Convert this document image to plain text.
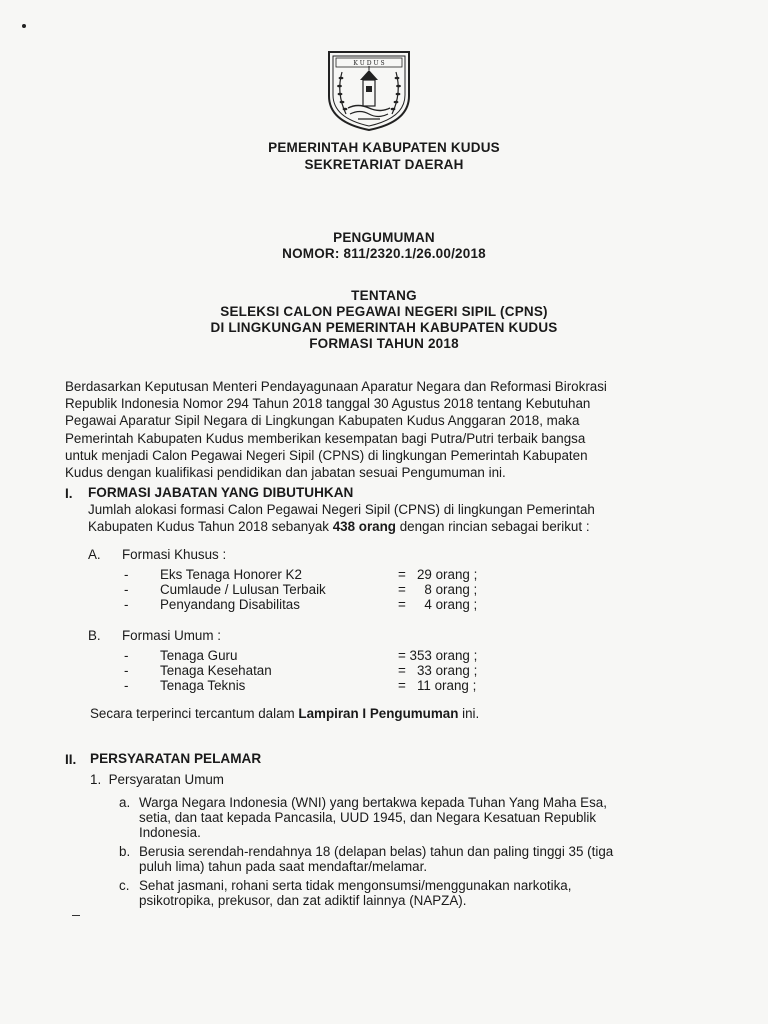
K U D U S
PEMERINTAH KABUPATEN KUDUS
SEKRETARIAT DAERAH
PENGUMUMAN
NOMOR: 811/2320.1/26.00/2018
TENTANG
SELEKSI CALON PEGAWAI NEGERI SIPIL (CPNS)
DI LINGKUNGAN PEMERINTAH KABUPATEN KUDUS
FORMASI TAHUN 2018
Berdasarkan Keputusan Menteri Pendayagunaan Aparatur Negara dan Reformasi Birokrasi
Republik Indonesia Nomor 294 Tahun 2018 tanggal 30 Agustus 2018 tentang Kebutuhan
Pegawai Aparatur Sipil Negara di Lingkungan Kabupaten Kudus Anggaran 2018, maka
Pemerintah Kabupaten Kudus memberikan kesempatan bagi Putra/Putri terbaik bangsa
untuk menjadi Calon Pegawai Negeri Sipil (CPNS) di lingkungan Pemerintah Kabupaten
Kudus dengan kualifikasi pendidikan dan jabatan sesuai Pengumuman ini.
I. FORMASI JABATAN YANG DIBUTUHKAN
Jumlah alokasi formasi Calon Pegawai Negeri Sipil (CPNS) di lingkungan Pemerintah
Kabupaten Kudus Tahun 2018 sebanyak 438 orang dengan rincian sebagai berikut :
A. Formasi Khusus :
- Eks Tenaga Honorer K2	=   29 orang ;
- Cumlaude / Lulusan Terbaik	=     8 orang ;
- Penyandang Disabilitas	=     4 orang ;
B. Formasi Umum :
- Tenaga Guru	= 353 orang ;
- Tenaga Kesehatan	=   33 orang ;
- Tenaga Teknis	=   11 orang ;
Secara terperinci tercantum dalam Lampiran I Pengumuman ini.
II. PERSYARATAN PELAMAR
1.  Persyaratan Umum
a. Warga Negara Indonesia (WNI) yang bertakwa kepada Tuhan Yang Maha Esa,
setia, dan taat kepada Pancasila, UUD 1945, dan Negara Kesatuan Republik
Indonesia.
b. Berusia serendah-rendahnya 18 (delapan belas) tahun dan paling tinggi 35 (tiga
puluh lima) tahun pada saat mendaftar/melamar.
c. Sehat jasmani, rohani serta tidak mengonsumsi/menggunakan narkotika,
psikotropika, prekusor, dan zat adiktif lainnya (NAPZA).
